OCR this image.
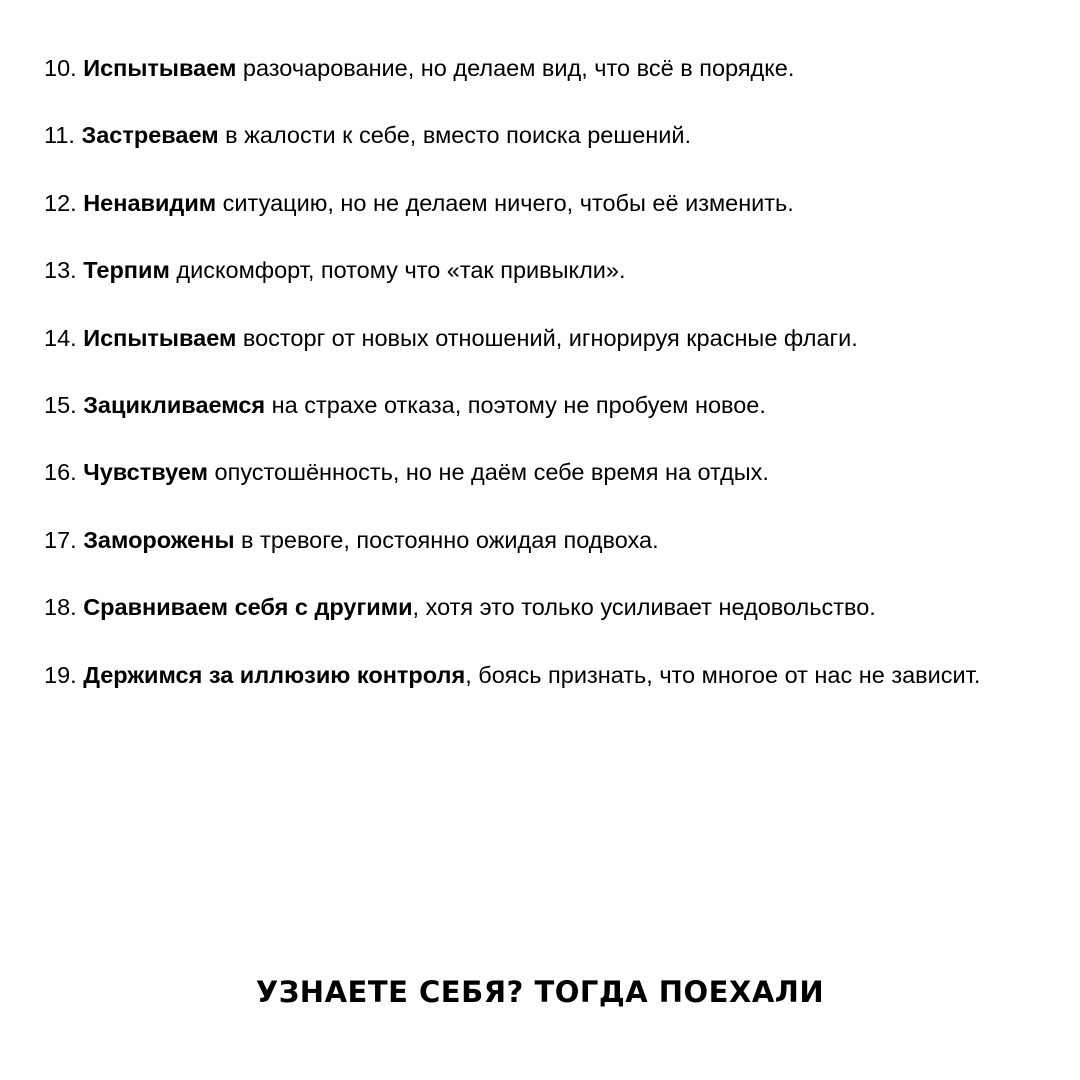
10. Испытываем разочарование, но делаем вид, что всё в порядке.
11. Застреваем в жалости к себе, вместо поиска решений.
12. Ненавидим ситуацию, но не делаем ничего, чтобы её изменить.
13. Терпим дискомфорт, потому что «так привыкли».
14. Испытываем восторг от новых отношений, игнорируя красные флаги.
15. Зацикливаемся на страхе отказа, поэтому не пробуем новое.
16. Чувствуем опустошённость, но не даём себе время на отдых.
17. Заморожены в тревоге, постоянно ожидая подвоха.
18. Сравниваем себя с другими, хотя это только усиливает недовольство.
19. Держимся за иллюзию контроля, боясь признать, что многое от нас не зависит.
УЗНАЕТЕ СЕБЯ? ТОГДА ПОЕХАЛИ
